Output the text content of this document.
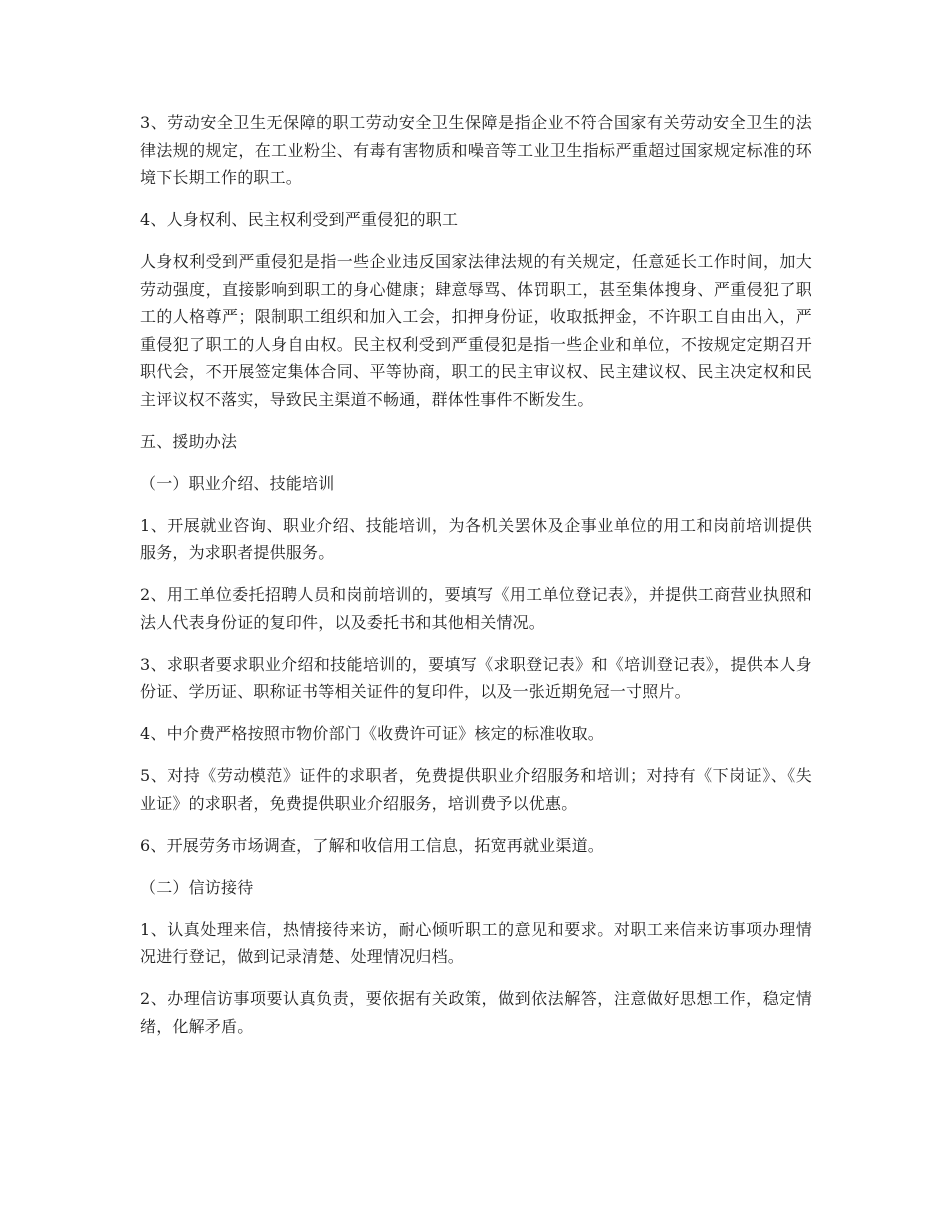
3、劳动安全卫生无保障的职工劳动安全卫生保障是指企业不符合国家有关劳动安全卫生的法律法规的规定，在工业粉尘、有毒有害物质和噪音等工业卫生指标严重超过国家规定标准的环境下长期工作的职工。

4、人身权利、民主权利受到严重侵犯的职工

人身权利受到严重侵犯是指一些企业违反国家法律法规的有关规定，任意延长工作时间，加大劳动强度，直接影响到职工的身心健康；肆意辱骂、体罚职工，甚至集体搜身、严重侵犯了职工的人格尊严；限制职工组织和加入工会，扣押身份证，收取抵押金，不许职工自由出入，严重侵犯了职工的人身自由权。民主权利受到严重侵犯是指一些企业和单位，不按规定定期召开职代会，不开展签定集体合同、平等协商，职工的民主审议权、民主建议权、民主决定权和民主评议权不落实，导致民主渠道不畅通，群体性事件不断发生。

五、援助办法

（一）职业介绍、技能培训

1、开展就业咨询、职业介绍、技能培训，为各机关罢休及企事业单位的用工和岗前培训提供服务，为求职者提供服务。

2、用工单位委托招聘人员和岗前培训的，要填写《用工单位登记表》，并提供工商营业执照和法人代表身份证的复印件，以及委托书和其他相关情况。

3、求职者要求职业介绍和技能培训的，要填写《求职登记表》和《培训登记表》，提供本人身份证、学历证、职称证书等相关证件的复印件，以及一张近期免冠一寸照片。

4、中介费严格按照市物价部门《收费许可证》核定的标准收取。

5、对持《劳动模范》证件的求职者，免费提供职业介绍服务和培训；对持有《下岗证》、《失业证》的求职者，免费提供职业介绍服务，培训费予以优惠。

6、开展劳务市场调查，了解和收信用工信息，拓宽再就业渠道。

（二）信访接待

1、认真处理来信，热情接待来访，耐心倾听职工的意见和要求。对职工来信来访事项办理情况进行登记，做到记录清楚、处理情况归档。

2、办理信访事项要认真负责，要依据有关政策，做到依法解答，注意做好思想工作，稳定情绪，化解矛盾。
